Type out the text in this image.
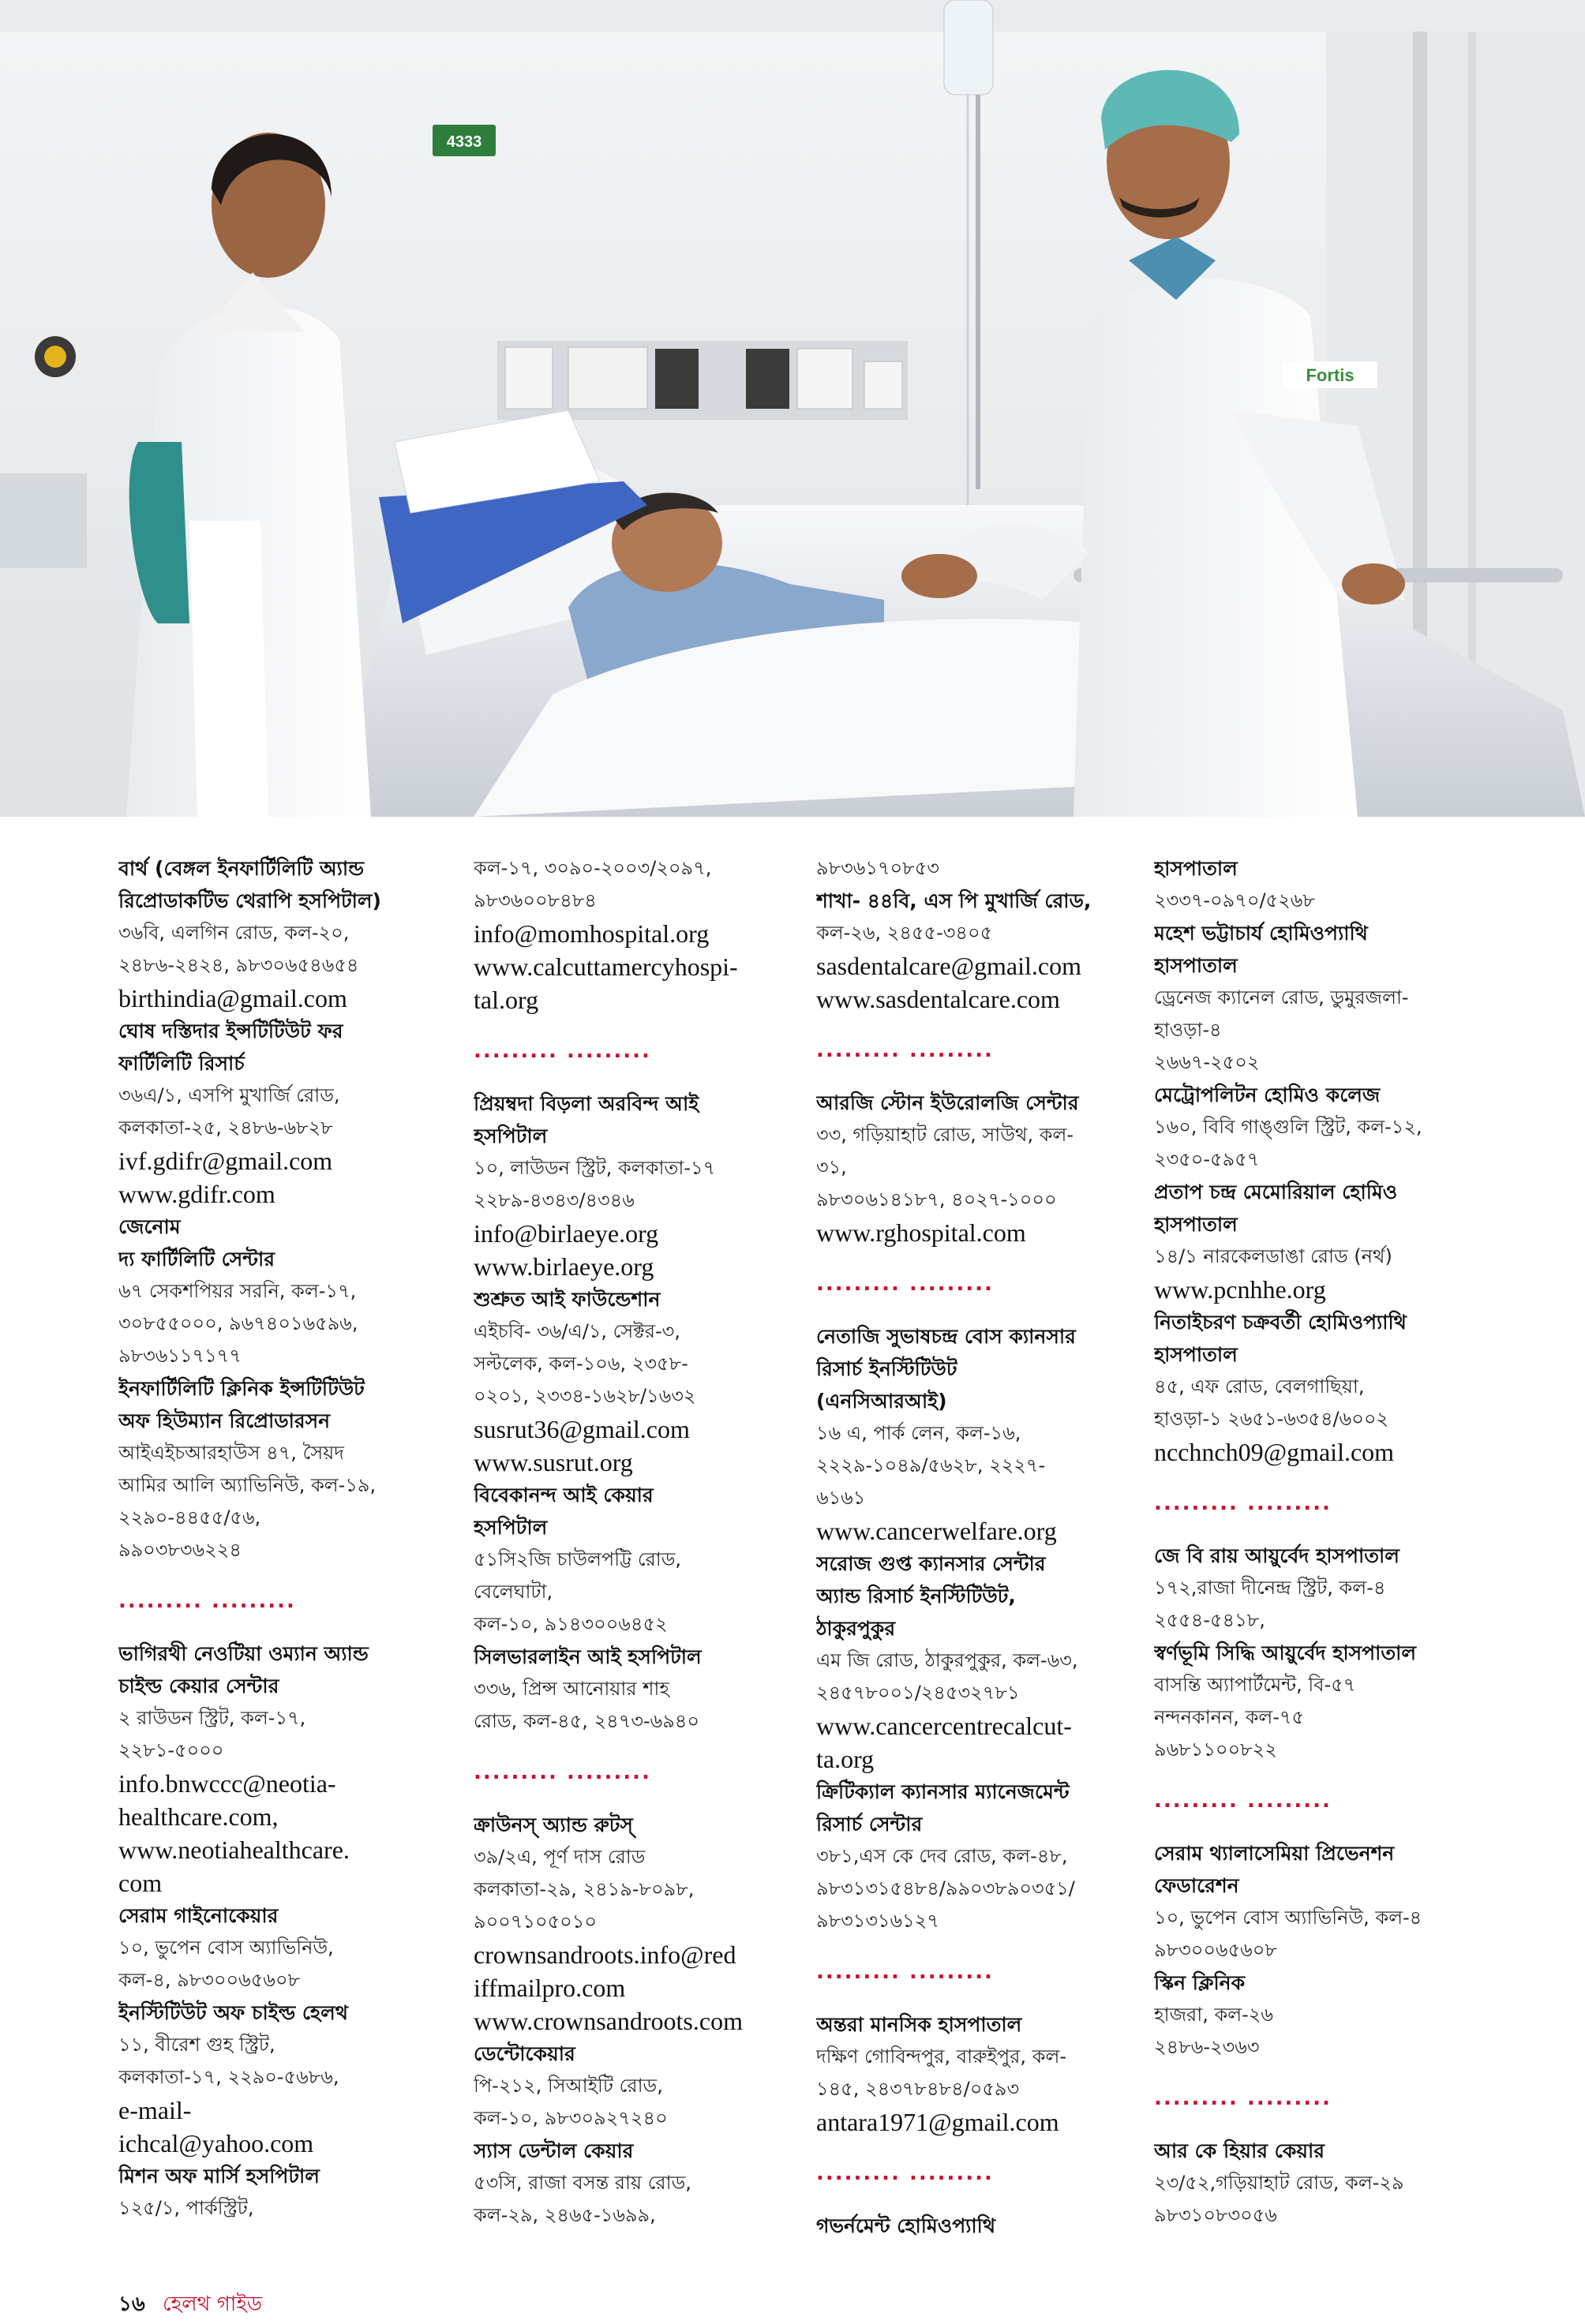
4333
Fortis
বার্থ (বেঙ্গল ইনফার্টিলিটি অ্যান্ড
রিপ্রোডাকটিভ থেরাপি হসপিটাল)
৩৬বি, এলগিন রোড, কল-২০,
২৪৮৬-২৪২৪, ৯৮৩০৬৫৪৬৫৪
birthindia@gmail.com
ঘোষ দস্তিদার ইন্সটিটিউট ফর
ফার্টিলিটি রিসার্চ
৩৬এ/১, এসপি মুখার্জি রোড,
কলকাতা-২৫, ২৪৮৬-৬৮২৮
ivf.gdifr@gmail.com
www.gdifr.com
জেনোম
দ্য ফার্টিলিটি সেন্টার
৬৭ সেকশপিয়র সরনি, কল-১৭,
৩০৮৫৫০০০, ৯৬৭৪০১৬৫৯৬,
৯৮৩৬১১৭১৭৭
ইনফার্টিলিটি ক্লিনিক ইন্সটিটিউট
অফ হিউম্যান রিপ্রোডারসন
আইএইচআরহাউস ৪৭, সৈয়দ
আমির আলি অ্যাভিনিউ, কল-১৯,
২২৯০-৪৪৫৫/৫৬,
৯৯০৩৮৩৬২২৪
......... .........
ভাগিরথী নেওটিয়া ওম্যান অ্যান্ড
চাইল্ড কেয়ার সেন্টার
২ রাউডন স্ট্রিট, কল-১৭,
২২৮১-৫০০০
info.bnwccc@neotia-
healthcare.com,
www.neotiahealthcare.
com
সেরাম গাইনোকেয়ার
১০, ভুপেন বোস অ্যাভিনিউ,
কল-৪, ৯৮৩০০৬৫৬০৮
ইনস্টিটিউট অফ চাইল্ড হেলথ
১১, বীরেশ গুহ স্ট্রিট,
কলকাতা-১৭, ২২৯০-৫৬৮৬,
e-mail-
ichcal@yahoo.com
মিশন অফ মার্সি হসপিটাল
১২৫/১, পার্কস্ট্রিট,
কল-১৭, ৩০৯০-২০০৩/২০৯৭,
৯৮৩৬০০৮৪৮৪
info@momhospital.org
www.calcuttamercyhospi-
tal.org
......... .........
প্রিয়ম্বদা বিড়লা অরবিন্দ আই
হসপিটাল
১০, লাউডন স্ট্রিট, কলকাতা-১৭
২২৮৯-৪৩৪৩/৪৩৪৬
info@birlaeye.org
www.birlaeye.org
শুশ্রুত আই ফাউন্ডেশান
এইচবি- ৩৬/এ/১, সেক্টর-৩,
সল্টলেক, কল-১০৬, ২৩৫৮-
০২০১, ২৩৩৪-১৬২৮/১৬৩২
susrut36@gmail.com
www.susrut.org
বিবেকানন্দ আই কেয়ার
হসপিটাল
৫১সি২জি চাউলপট্টি রোড,
বেলেঘাটা,
কল-১০, ৯১৪৩০০৬৪৫২
সিলভারলাইন আই হসপিটাল
৩৩৬, প্রিন্স আনোয়ার শাহ
রোড, কল-৪৫, ২৪৭৩-৬৯৪০
......... .........
ক্রাউনস্ অ্যান্ড রুটস্
৩৯/২এ, পূর্ণ দাস রোড
কলকাতা-২৯, ২৪১৯-৮০৯৮,
৯০০৭১০৫০১০
crownsandroots.info@red
iffmailpro.com
www.crownsandroots.com
ডেন্টোকেয়ার
পি-২১২, সিআইটি রোড,
কল-১০, ৯৮৩০৯২৭২৪০
স্যাস ডেন্টাল কেয়ার
৫৩সি, রাজা বসন্ত রায় রোড,
কল-২৯, ২৪৬৫-১৬৯৯,
৯৮৩৬১৭০৮৫৩
শাখা- ৪৪বি, এস পি মুখার্জি রোড,
কল-২৬, ২৪৫৫-৩৪০৫
sasdentalcare@gmail.com
www.sasdentalcare.com
......... .........
আরজি স্টোন ইউরোলজি সেন্টার
৩৩, গড়িয়াহাট রোড, সাউথ, কল-
৩১,
৯৮৩০৬১৪১৮৭, ৪০২৭-১০০০
www.rghospital.com
......... .........
নেতাজি সুভাষচন্দ্র বোস ক্যানসার
রিসার্চ ইনস্টিটিউট
(এনসিআরআই)
১৬ এ, পার্ক লেন, কল-১৬,
২২২৯-১০৪৯/৫৬২৮, ২২২৭-
৬১৬১
www.cancerwelfare.org
সরোজ গুপ্ত ক্যানসার সেন্টার
অ্যান্ড রিসার্চ ইনস্টিটিউট,
ঠাকুরপুকুর
এম জি রোড, ঠাকুরপুকুর, কল-৬৩,
২৪৫৭৮০০১/২৪৫৩২৭৮১
www.cancercentrecalcut-
ta.org
ক্রিটিক্যাল ক্যানসার ম্যানেজমেন্ট
রিসার্চ সেন্টার
৩৮১,এস কে দেব রোড, কল-৪৮,
৯৮৩১৩১৫৪৮৪/৯৯০৩৮৯০৩৫১/
৯৮৩১৩১৬১২৭
......... .........
অন্তরা মানসিক হাসপাতাল
দক্ষিণ গোবিন্দপুর, বারুইপুর, কল-
১৪৫, ২৪৩৭৮৪৮৪/০৫৯৩
antara1971@gmail.com
......... .........
গভর্নমেন্ট হোমিওপ্যাথি
হাসপাতাল
২৩৩৭-০৯৭০/৫২৬৮
মহেশ ভট্টাচার্য হোমিওপ্যাথি
হাসপাতাল
ড্রেনেজ ক্যানেল রোড, ডুমুরজলা-
হাওড়া-৪
২৬৬৭-২৫০২
মেট্রোপলিটন হোমিও কলেজ
১৬০, বিবি গাঙ্গুলি স্ট্রিট, কল-১২,
২৩৫০-৫৯৫৭
প্রতাপ চন্দ্র মেমোরিয়াল হোমিও
হাসপাতাল
১৪/১ নারকেলডাঙা রোড (নর্থ)
www.pcnhhe.org
নিতাইচরণ চক্রবর্তী হোমিওপ্যাথি
হাসপাতাল
৪৫, এফ রোড, বেলগাছিয়া,
হাওড়া-১ ২৬৫১-৬৩৫৪/৬০০২
ncchnch09@gmail.com
......... .........
জে বি রায় আয়ুর্বেদ হাসপাতাল
১৭২,রাজা দীনেন্দ্র স্ট্রিট, কল-৪
২৫৫৪-৫৪১৮,
স্বর্ণভূমি সিদ্ধি আয়ুর্বেদ হাসপাতাল
বাসন্তি অ্যাপার্টমেন্ট, বি-৫৭
নন্দনকানন, কল-৭৫
৯৬৮১১০০৮২২
......... .........
সেরাম থ্যালাসেমিয়া প্রিভেনশন
ফেডারেশন
১০, ভুপেন বোস অ্যাভিনিউ, কল-৪
৯৮৩০০৬৫৬০৮
স্কিন ক্লিনিক
হাজরা, কল-২৬
২৪৮৬-২৩৬৩
......... .........
আর কে হিয়ার কেয়ার
২৩/৫২,গড়িয়াহাট রোড, কল-২৯
৯৮৩১০৮৩০৫৬
১৬ হেলথ গাইড
